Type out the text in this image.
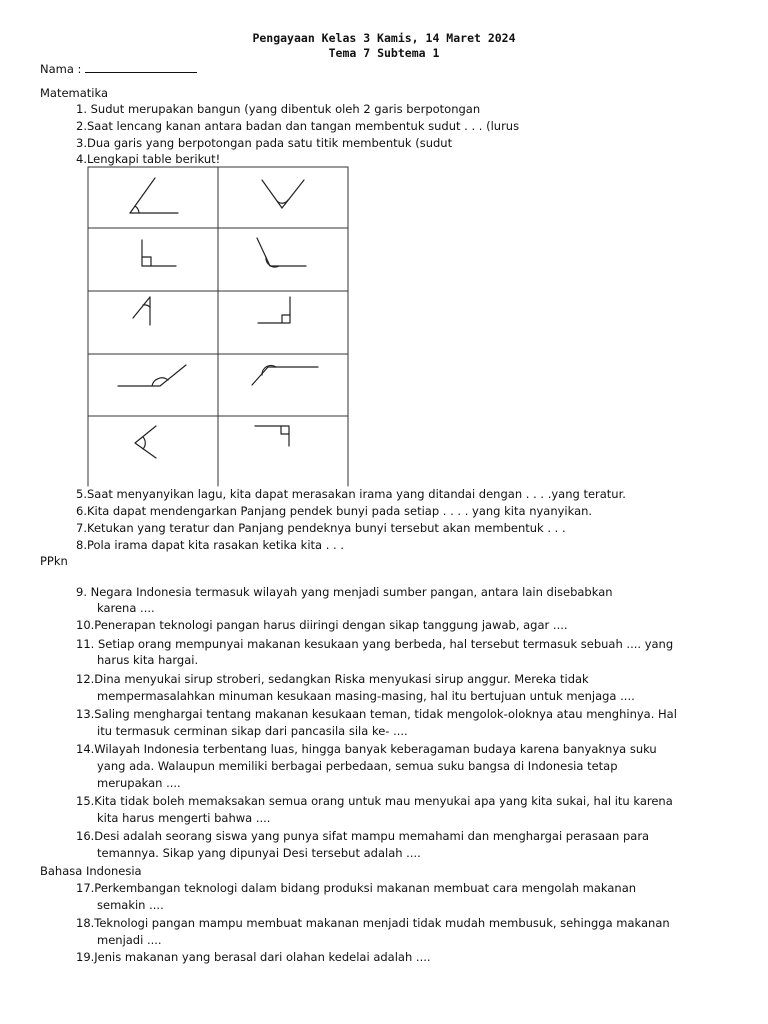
Pengayaan Kelas 3 Kamis, 14 Maret 2024
Tema 7 Subtema 1
Nama :
Matematika
1. Sudut merupakan bangun (yang dibentuk oleh 2 garis berpotongan
2.Saat lencang kanan antara badan dan tangan membentuk sudut . . . (lurus
3.Dua garis yang berpotongan pada satu titik membentuk (sudut
4.Lengkapi table berikut!
5.Saat menyanyikan lagu, kita dapat merasakan irama yang ditandai dengan . . . .yang teratur.
6.Kita dapat mendengarkan Panjang pendek bunyi pada setiap . . . . yang kita nyanyikan.
7.Ketukan yang teratur dan Panjang pendeknya bunyi tersebut akan membentuk . . .
8.Pola irama dapat kita rasakan ketika kita . . .
PPkn
9. Negara Indonesia termasuk wilayah yang menjadi sumber pangan, antara lain disebabkan
karena ....
10.Penerapan teknologi pangan harus diiringi dengan sikap tanggung jawab, agar ....
11. Setiap orang mempunyai makanan kesukaan yang berbeda, hal tersebut termasuk sebuah .... yang
harus kita hargai.
12.Dina menyukai sirup stroberi, sedangkan Riska menyukasi sirup anggur. Mereka tidak
mempermasalahkan minuman kesukaan masing-masing, hal itu bertujuan untuk menjaga ....
13.Saling menghargai tentang makanan kesukaan teman, tidak mengolok-oloknya atau menghinya. Hal
itu termasuk cerminan sikap dari pancasila sila ke- ....
14.Wilayah Indonesia terbentang luas, hingga banyak keberagaman budaya karena banyaknya suku
yang ada. Walaupun memiliki berbagai perbedaan, semua suku bangsa di Indonesia tetap
merupakan ....
15.Kita tidak boleh memaksakan semua orang untuk mau menyukai apa yang kita sukai, hal itu karena
kita harus mengerti bahwa ....
16.Desi adalah seorang siswa yang punya sifat mampu memahami dan menghargai perasaan para
temannya. Sikap yang dipunyai Desi tersebut adalah ....
Bahasa Indonesia
17.Perkembangan teknologi dalam bidang produksi makanan membuat cara mengolah makanan
semakin ....
18.Teknologi pangan mampu membuat makanan menjadi tidak mudah membusuk, sehingga makanan
menjadi ....
19.Jenis makanan yang berasal dari olahan kedelai adalah ....
